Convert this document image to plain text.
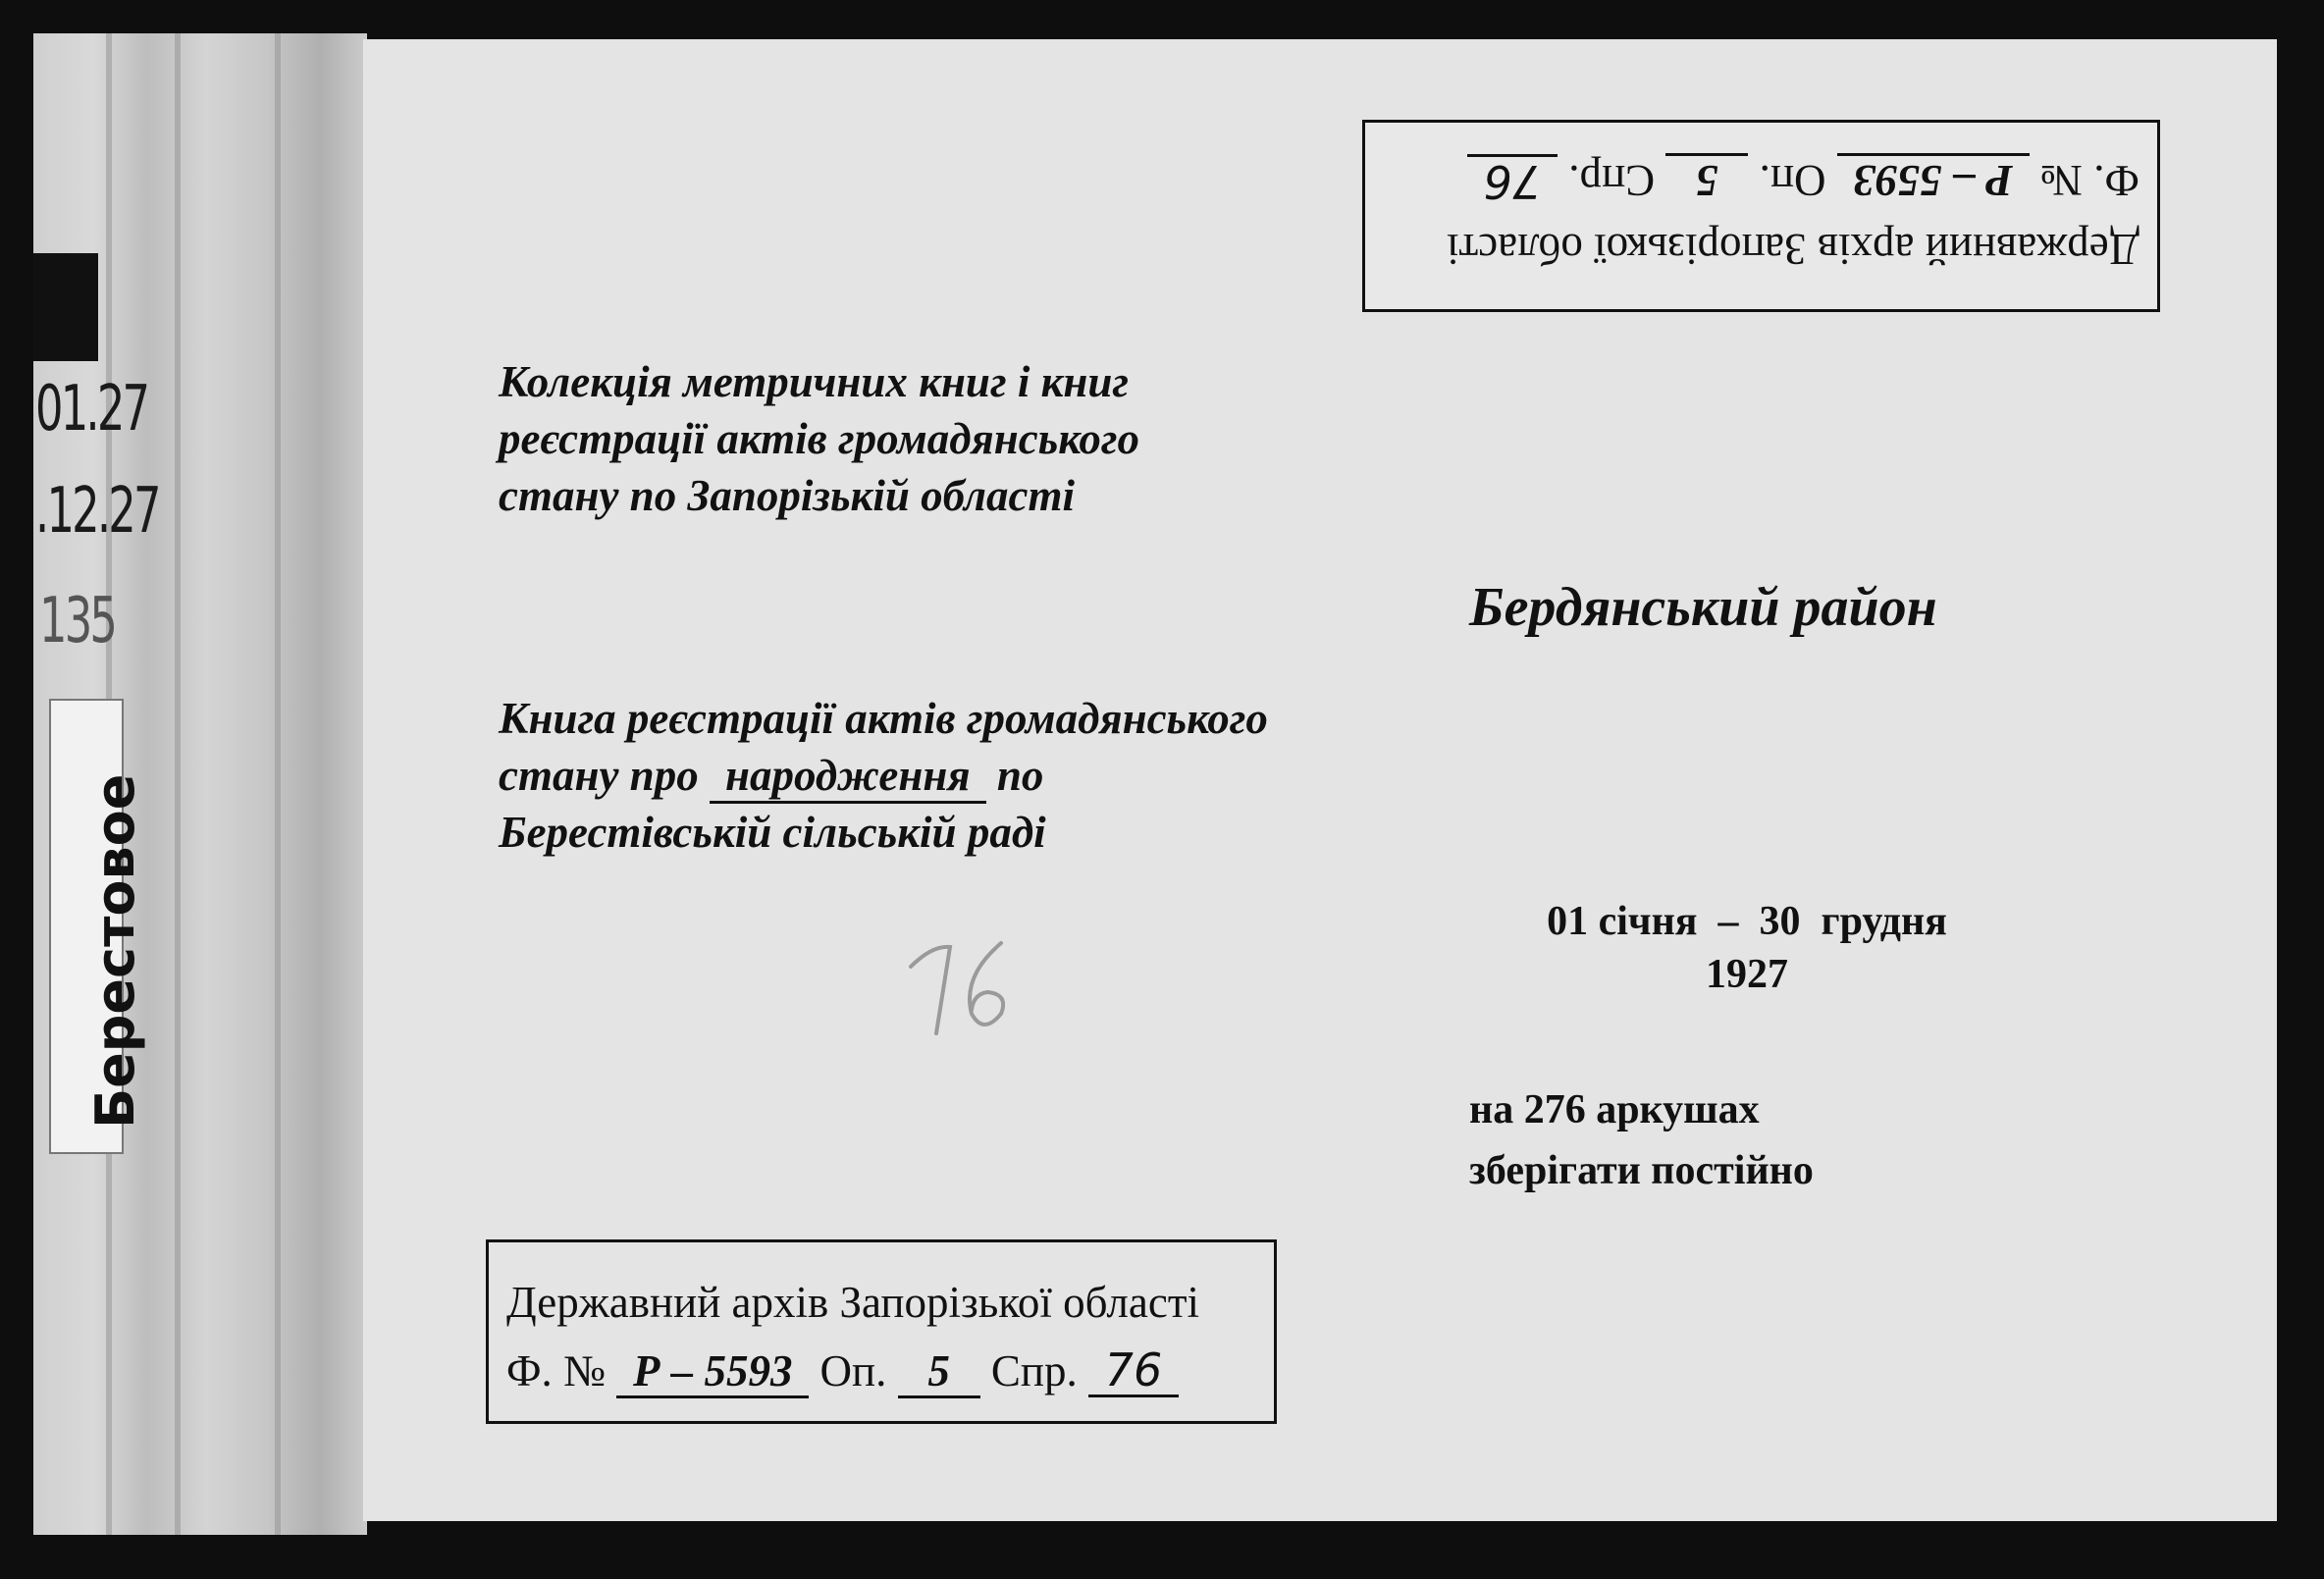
01.27
.12.27
135
Берестовое
Державний архів Запорізької області
Ф. № Р – 5593 Оп. 5 Спр. 76
Колекція метричних книг і книг
реєстрації актів громадянського
стану по Запорізькій області
Бердянський район
Книга реєстрації актів громадянського
стану про народження по
Берестівській сільській раді
01 січня  –  30  грудня
1927
на 276 аркушах
зберігати постійно
Державний архів Запорізької області
Ф. № Р – 5593 Оп. 5 Спр. 76
